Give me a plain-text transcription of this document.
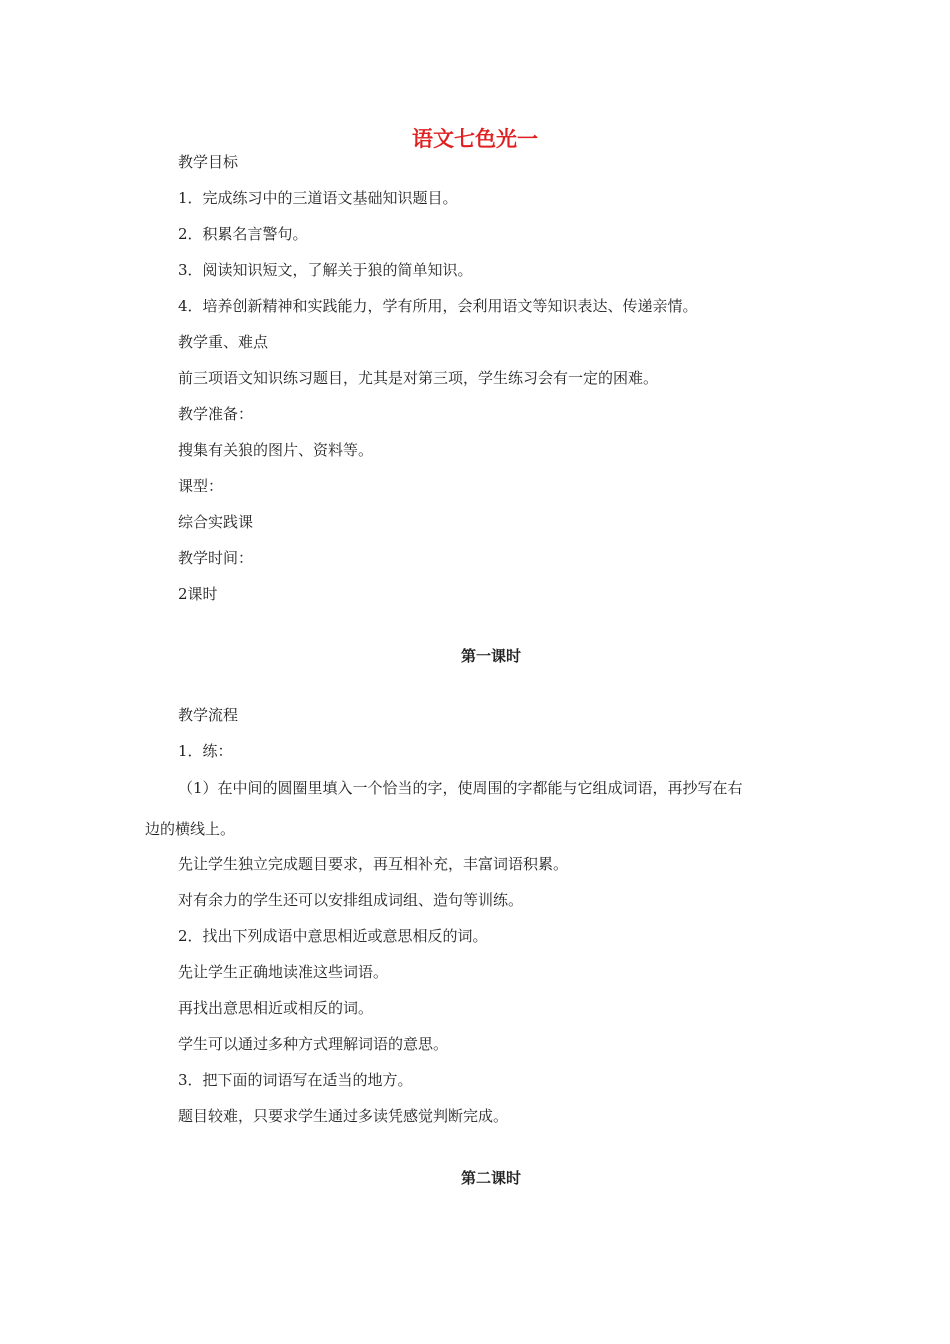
语文七色光一
教学目标
1．完成练习中的三道语文基础知识题目。
2．积累名言警句。
3．阅读知识短文，了解关于狼的简单知识。
4．培养创新精神和实践能力，学有所用，会利用语文等知识表达、传递亲情。
教学重、难点
前三项语文知识练习题目，尤其是对第三项，学生练习会有一定的困难。
教学准备：
搜集有关狼的图片、资料等。
课型：
综合实践课
教学时间：
2课时
第一课时
教学流程
1．练：
（1）在中间的圆圈里填入一个恰当的字，使周围的字都能与它组成词语，再抄写在右
边的横线上。
先让学生独立完成题目要求，再互相补充，丰富词语积累。
对有余力的学生还可以安排组成词组、造句等训练。
2．找出下列成语中意思相近或意思相反的词。
先让学生正确地读准这些词语。
再找出意思相近或相反的词。
学生可以通过多种方式理解词语的意思。
3．把下面的词语写在适当的地方。
题目较难，只要求学生通过多读凭感觉判断完成。
第二课时
